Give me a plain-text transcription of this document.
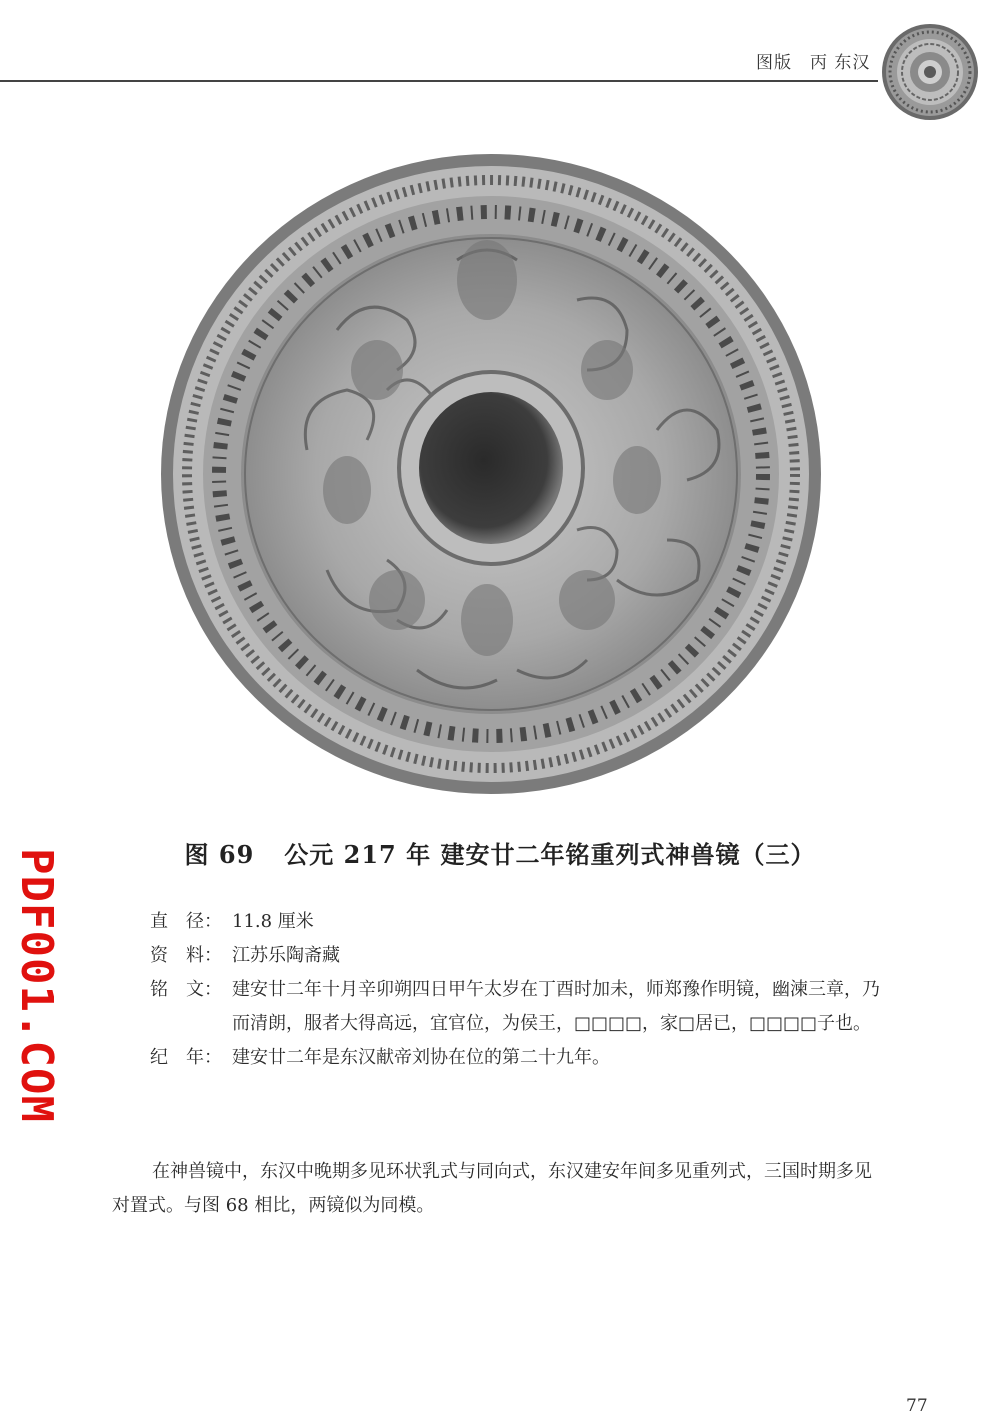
图版　丙 东汉
图 69 公元 217 年 建安廿二年铭重列式神兽镜（三）
直　径： 11.8 厘米
资　料： 江苏乐陶斋藏
铭　文： 建安廿二年十月辛卯朔四日甲午太岁在丁酉时加未，师郑豫作明镜，幽湅三章，乃而清朗，服者大得高远，宜官位，为侯王，□□□□，家□居已，□□□□子也。
纪　年： 建安廿二年是东汉献帝刘协在位的第二十九年。

在神兽镜中，东汉中晚期多见环状乳式与同向式，东汉建安年间多见重列式，三国时期多见对置式。与图 68 相比，两镜似为同模。

PDF001.COM
77
